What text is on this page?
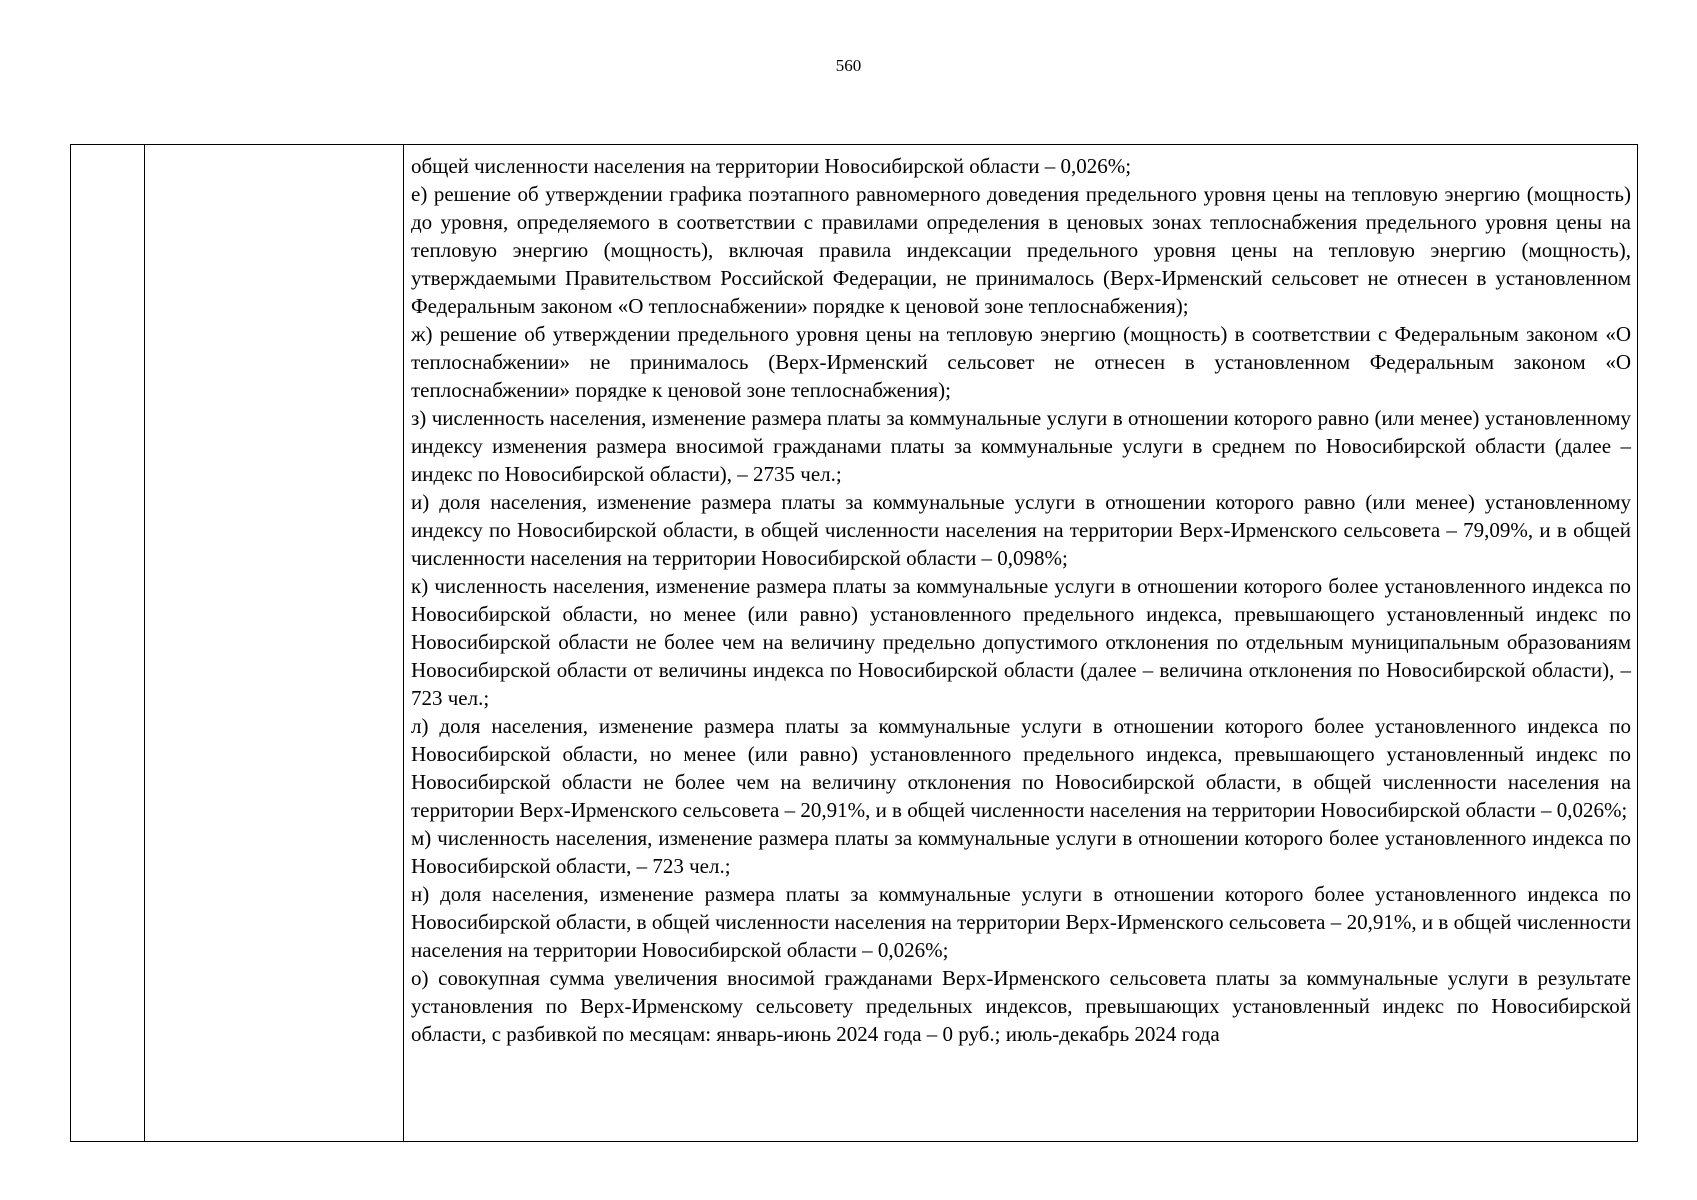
560

общей численности населения на территории Новосибирской области – 0,026%;

е) решение об утверждении графика поэтапного равномерного доведения предельного уровня цены на тепловую энергию (мощность) до уровня, определяемого в соответствии с правилами определения в ценовых зонах теплоснабжения предельного уровня цены на тепловую энергию (мощность), включая правила индексации предельного уровня цены на тепловую энергию (мощность), утверждаемыми Правительством Российской Федерации, не принималось (Верх-Ирменский сельсовет не отнесен в установленном Федеральным законом «О теплоснабжении» порядке к ценовой зоне теплоснабжения);

ж) решение об утверждении предельного уровня цены на тепловую энергию (мощность) в соответствии с Федеральным законом «О теплоснабжении» не принималось (Верх-Ирменский сельсовет не отнесен в установленном Федеральным законом «О теплоснабжении» порядке к ценовой зоне теплоснабжения);

з) численность населения, изменение размера платы за коммунальные услуги в отношении которого равно (или менее) установленному индексу изменения размера вносимой гражданами платы за коммунальные услуги в среднем по Новосибирской области (далее – индекс по Новосибирской области), – 2735 чел.;

и) доля населения, изменение размера платы за коммунальные услуги в отношении которого равно (или менее) установленному индексу по Новосибирской области, в общей численности населения на территории Верх-Ирменского сельсовета – 79,09%, и в общей численности населения на территории Новосибирской области – 0,098%;

к) численность населения, изменение размера платы за коммунальные услуги в отношении которого более установленного индекса по Новосибирской области, но менее (или равно) установленного предельного индекса, превышающего установленный индекс по Новосибирской области не более чем на величину предельно допустимого отклонения по отдельным муниципальным образованиям Новосибирской области от величины индекса по Новосибирской области (далее – величина отклонения по Новосибирской области), – 723 чел.;

л) доля населения, изменение размера платы за коммунальные услуги в отношении которого более установленного индекса по Новосибирской области, но менее (или равно) установленного предельного индекса, превышающего установленный индекс по Новосибирской области не более чем на величину отклонения по Новосибирской области, в общей численности населения на территории Верх-Ирменского сельсовета – 20,91%, и в общей численности населения на территории Новосибирской области – 0,026%;

м) численность населения, изменение размера платы за коммунальные услуги в отношении которого более установленного индекса по Новосибирской области, – 723 чел.;

н) доля населения, изменение размера платы за коммунальные услуги в отношении которого более установленного индекса по Новосибирской области, в общей численности населения на территории Верх-Ирменского сельсовета – 20,91%, и в общей численности населения на территории Новосибирской области – 0,026%;

о) совокупная сумма увеличения вносимой гражданами Верх-Ирменского сельсовета платы за коммунальные услуги в результате установления по Верх-Ирменскому сельсовету предельных индексов, превышающих установленный индекс по Новосибирской области, с разбивкой по месяцам: январь-июнь 2024 года – 0 руб.; июль-декабрь 2024 года
